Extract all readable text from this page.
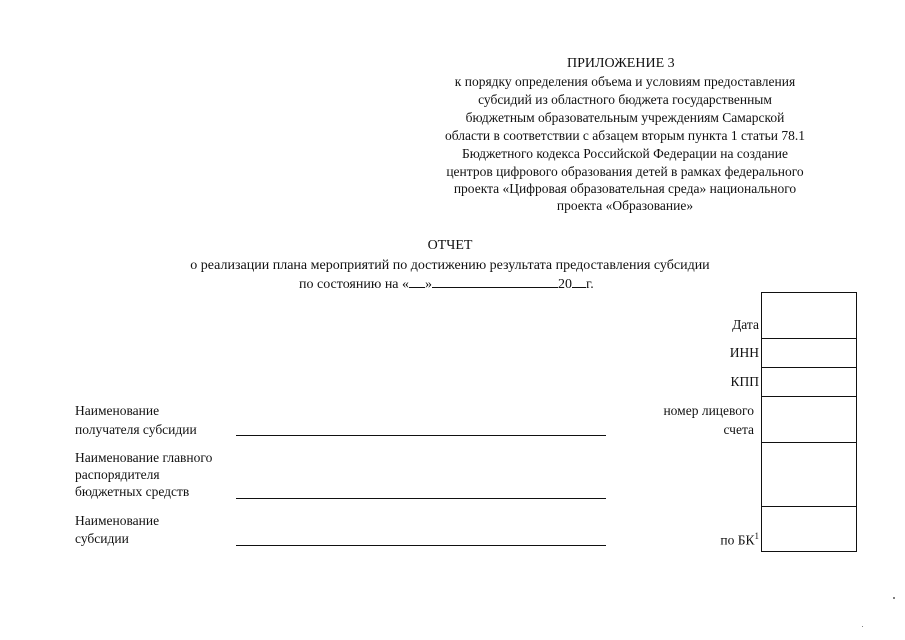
ПРИЛОЖЕНИЕ 3
к порядку определения объема и условиям предоставления
субсидий из областного бюджета государственным
бюджетным образовательным учреждениям Самарской
области в соответствии с абзацем вторым пункта 1 статьи 78.1
Бюджетного кодекса Российской Федерации на создание
центров цифрового образования детей в рамках федерального
проекта «Цифровая образовательная среда» национального
проекта «Образование»
ОТЧЕТ
о реализации плана мероприятий по достижению результата предоставления субсидии
по состоянию на « »	20 г.
Наименование
получателя субсидии
Наименование главного
распорядителя
бюджетных средств
Наименование
субсидии
Дата
ИНН
КПП
номер лицевого
счета
по $БК^1$
